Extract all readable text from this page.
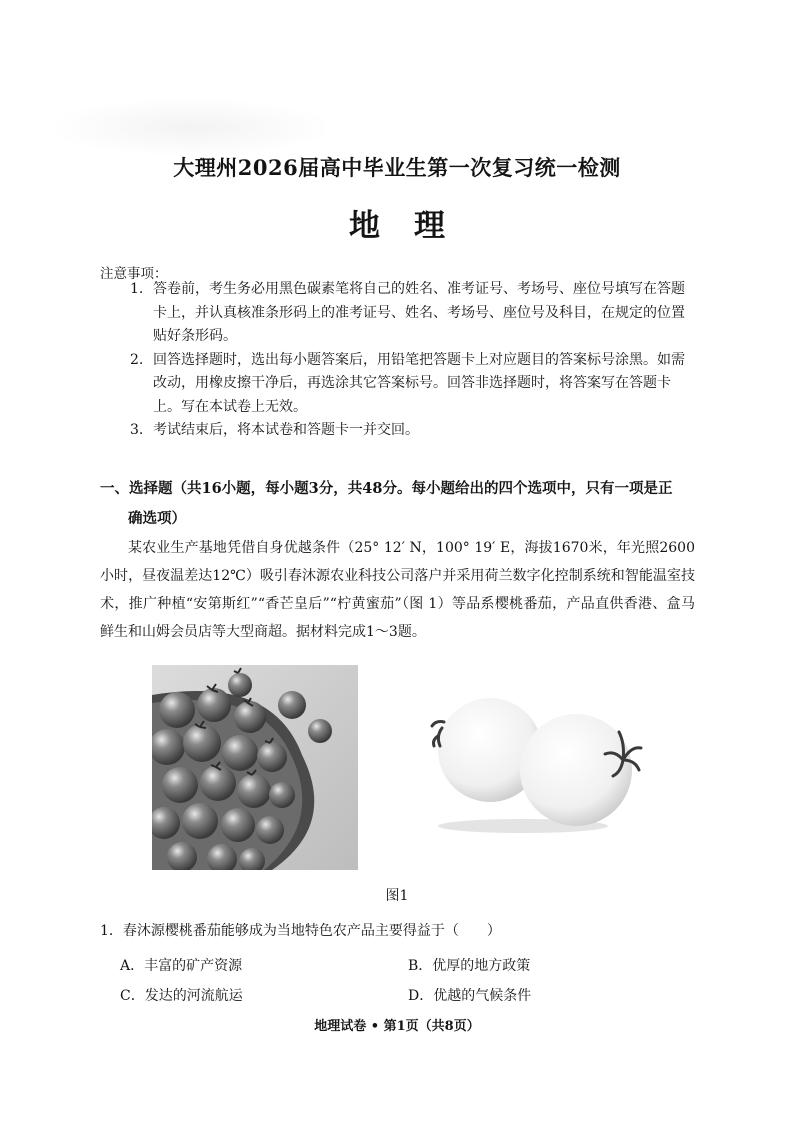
大理州2026届高中毕业生第一次复习统一检测
地理
注意事项：
1. 答卷前，考生务必用黑色碳素笔将自己的姓名、准考证号、考场号、座位号填写在答题卡上，并认真核准条形码上的准考证号、姓名、考场号、座位号及科目，在规定的位置贴好条形码。
2. 回答选择题时，选出每小题答案后，用铅笔把答题卡上对应题目的答案标号涂黑。如需改动，用橡皮擦干净后，再选涂其它答案标号。回答非选择题时，将答案写在答题卡上。写在本试卷上无效。
3. 考试结束后，将本试卷和答题卡一并交回。
一、选择题（共16小题，每小题3分，共48分。每小题给出的四个选项中，只有一项是正
确选项）
某农业生产基地凭借自身优越条件（25° 12′ N，100° 19′ E，海拔1670米，年光照2600小时，昼夜温差达12℃）吸引春沐源农业科技公司落户并采用荷兰数字化控制系统和智能温室技术，推广种植“安第斯红”“香芒皇后”“柠黄蜜茄”（图 1）等品系樱桃番茄，产品直供香港、盒马鲜生和山姆会员店等大型商超。据材料完成1～3题。
图1
1．春沐源樱桃番茄能够成为当地特色农产品主要得益于（　　）
A．丰富的矿产资源	B．优厚的地方政策
C．发达的河流航运	D．优越的气候条件
地理试卷 • 第1页（共8页）
